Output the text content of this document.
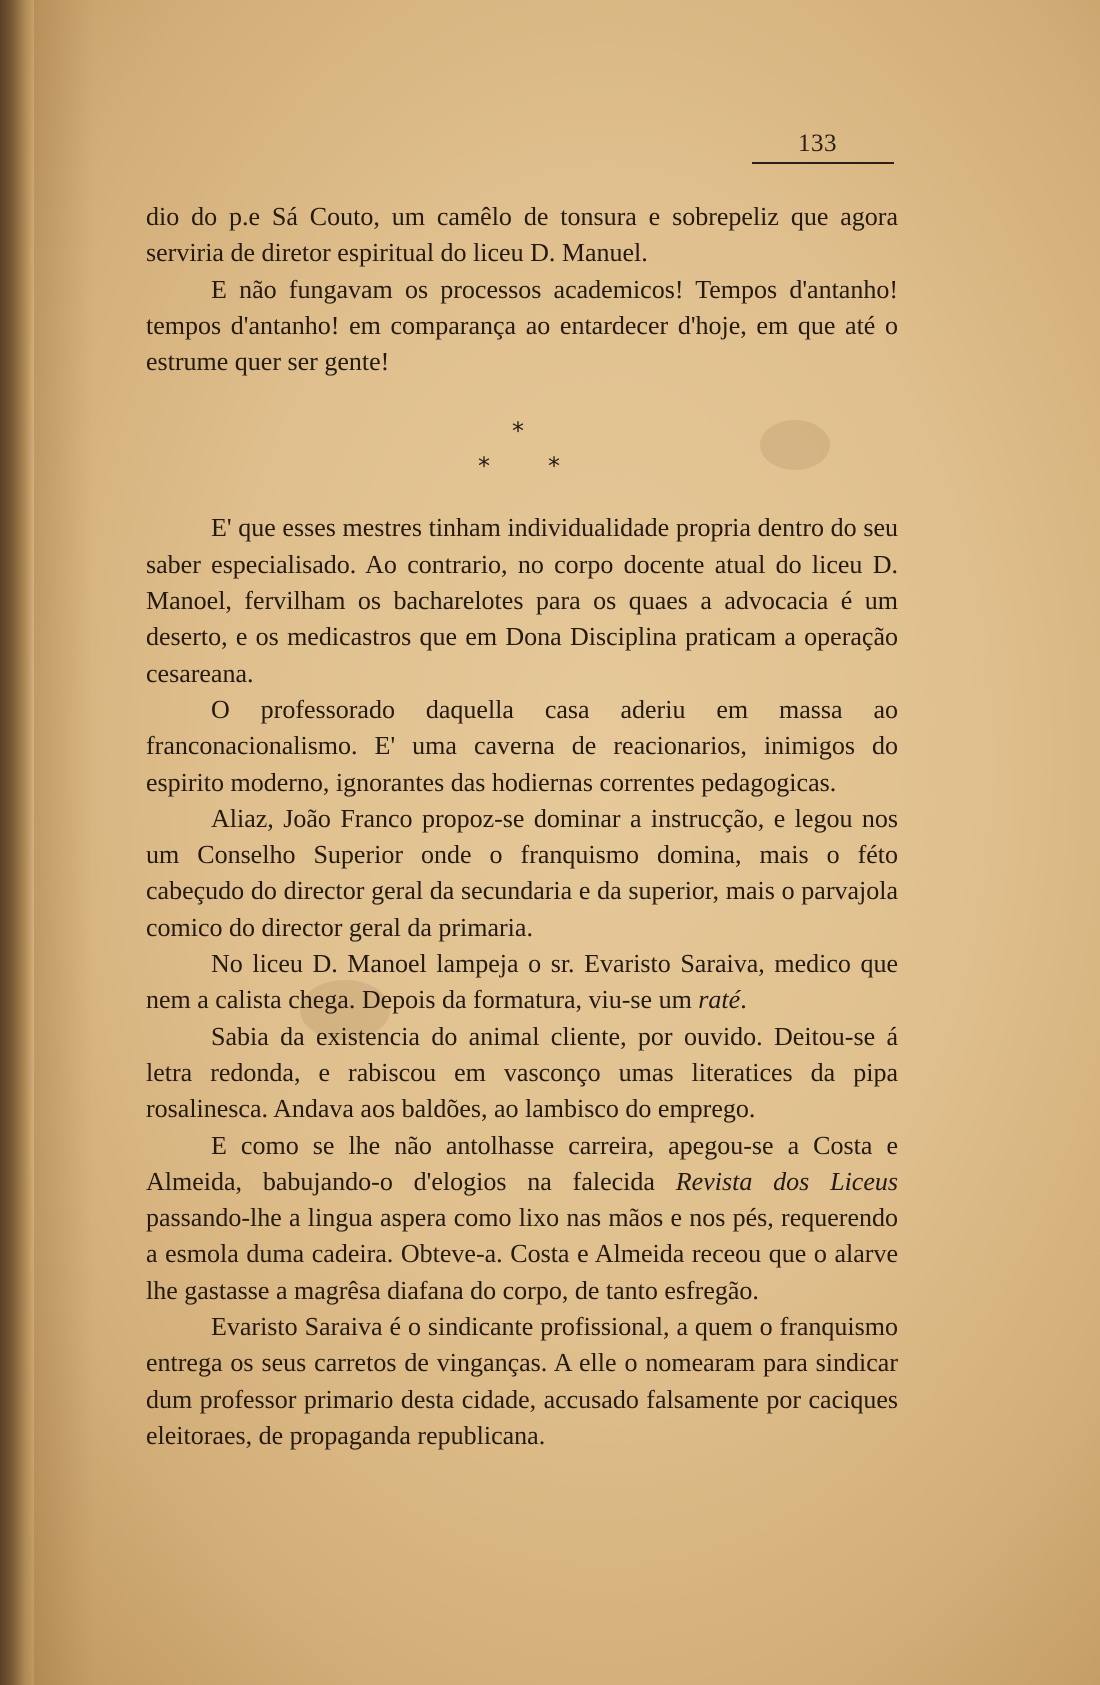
133

dio do p.e Sá Couto, um camêlo de tonsura e sobrepeliz que agora serviria de diretor espiritual do liceu D. Manuel.

E não fungavam os processos academicos! Tempos d'antanho! tempos d'antanho! em comparança ao entardecer d'hoje, em que até o estrume quer ser gente!

*
* *

E' que esses mestres tinham individualidade propria dentro do seu saber especialisado. Ao contrario, no corpo docente atual do liceu D. Manoel, fervilham os bacharelotes para os quaes a advocacia é um deserto, e os medicastros que em Dona Disciplina praticam a operação cesareana.

O professorado daquella casa aderiu em massa ao franconacionalismo. E' uma caverna de reacionarios, inimigos do espirito moderno, ignorantes das hodiernas correntes pedagogicas.

Aliaz, João Franco propoz-se dominar a instrucção, e legou nos um Conselho Superior onde o franquismo domina, mais o féto cabeçudo do director geral da secundaria e da superior, mais o parvajola comico do director geral da primaria.

No liceu D. Manoel lampeja o sr. Evaristo Saraiva, medico que nem a calista chega. Depois da formatura, viu-se um raté.

Sabia da existencia do animal cliente, por ouvido. Deitou-se á letra redonda, e rabiscou em vasconço umas literatices da pipa rosalinesca. Andava aos baldões, ao lambisco do emprego.

E como se lhe não antolhasse carreira, apegou-se a Costa e Almeida, babujando-o d'elogios na falecida Revista dos Liceus passando-lhe a lingua aspera como lixo nas mãos e nos pés, requerendo a esmola duma cadeira. Obteve-a. Costa e Almeida receou que o alarve lhe gastasse a magrêsa diafana do corpo, de tanto esfregão.

Evaristo Saraiva é o sindicante profissional, a quem o franquismo entrega os seus carretos de vinganças. A elle o nomearam para sindicar dum professor primario desta cidade, accusado falsamente por caciques eleitoraes, de propaganda republicana.
